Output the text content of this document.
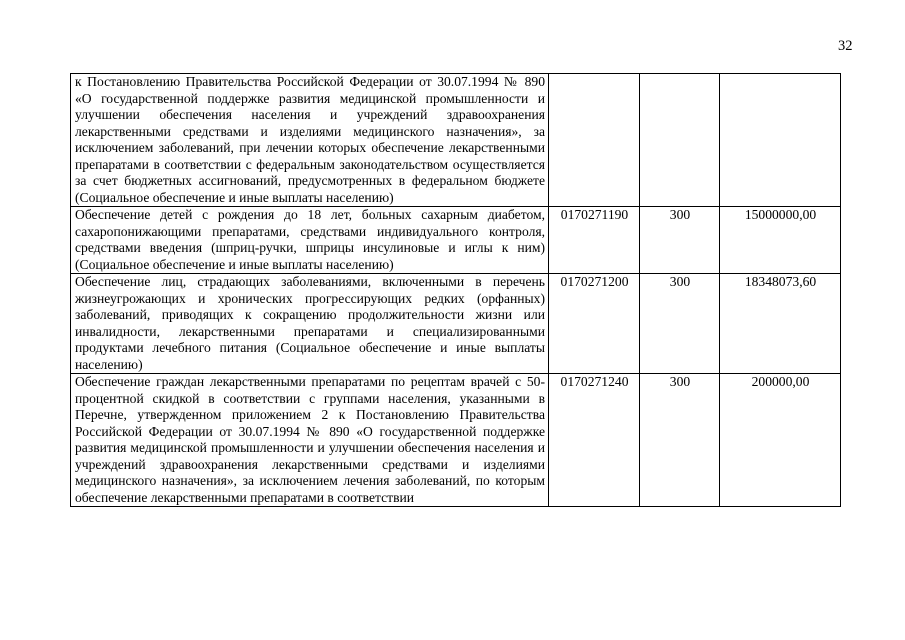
32
к Постановлению Правительства Российской Федерации от 30.07.1994 № 890 «О государственной поддержке развития медицинской промышленности и улучшении обеспечения населения и учреждений здравоохранения лекарственными средствами и изделиями медицинского назначения», за исключением заболеваний, при лечении которых обеспечение лекарственными препаратами в соответствии с федеральным законодательством осуществляется за счет бюджетных ассигнований, предусмотренных в федеральном бюджете (Социальное обеспечение и иные выплаты населению)			
Обеспечение детей с рождения до 18 лет, больных сахарным диабетом, сахаропонижающими препаратами, средствами индивидуального контроля, средствами введения (шприц-ручки, шприцы инсулиновые и иглы к ним) (Социальное обеспечение и иные выплаты населению)	0170271190	300	15000000,00
Обеспечение лиц, страдающих заболеваниями, включенными в перечень жизнеугрожающих и хронических прогрессирующих редких (орфанных) заболеваний, приводящих к сокращению продолжительности жизни или инвалидности, лекарственными препаратами и специализированными продуктами лечебного питания (Социальное обеспечение и иные выплаты населению)	0170271200	300	18348073,60
Обеспечение граждан лекарственными препаратами по рецептам врачей с 50-процентной скидкой в соответствии с группами населения, указанными в Перечне, утвержденном приложением 2 к Постановлению Правительства Российской Федерации от 30.07.1994 № 890 «О государственной поддержке развития медицинской промышленности и улучшении обеспечения населения и учреждений здравоохранения лекарственными средствами и изделиями медицинского назначения», за исключением лечения заболеваний, по которым обеспечение лекарственными препаратами в соответствии	0170271240	300	200000,00
